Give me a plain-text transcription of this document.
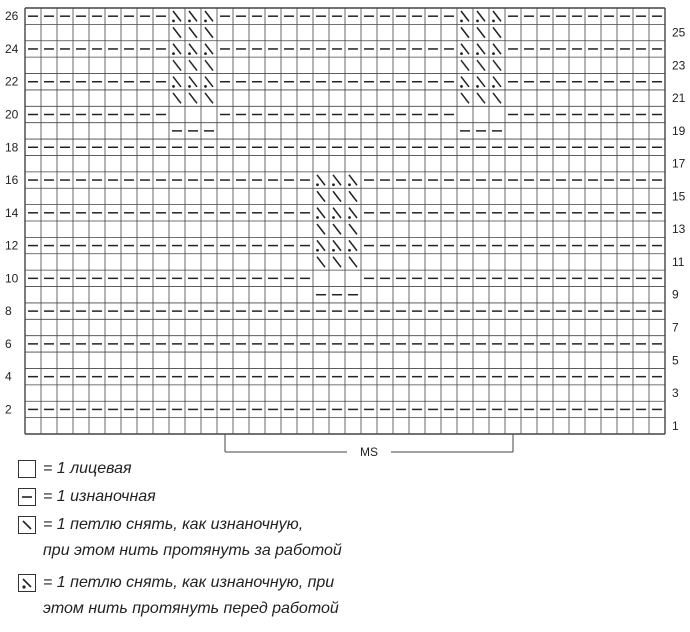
26
24
22
20
18
16
14
12
10
8
6
4
2
25
23
21
19
17
15
13
11
9
7
5
3
1
MS
= 1 лицевая
= 1 изнаночная
= 1 петлю снять, как изнаночную,
при этом нить протянуть за работой
= 1 петлю снять, как изнаночную, при
этом нить протянуть перед работой
